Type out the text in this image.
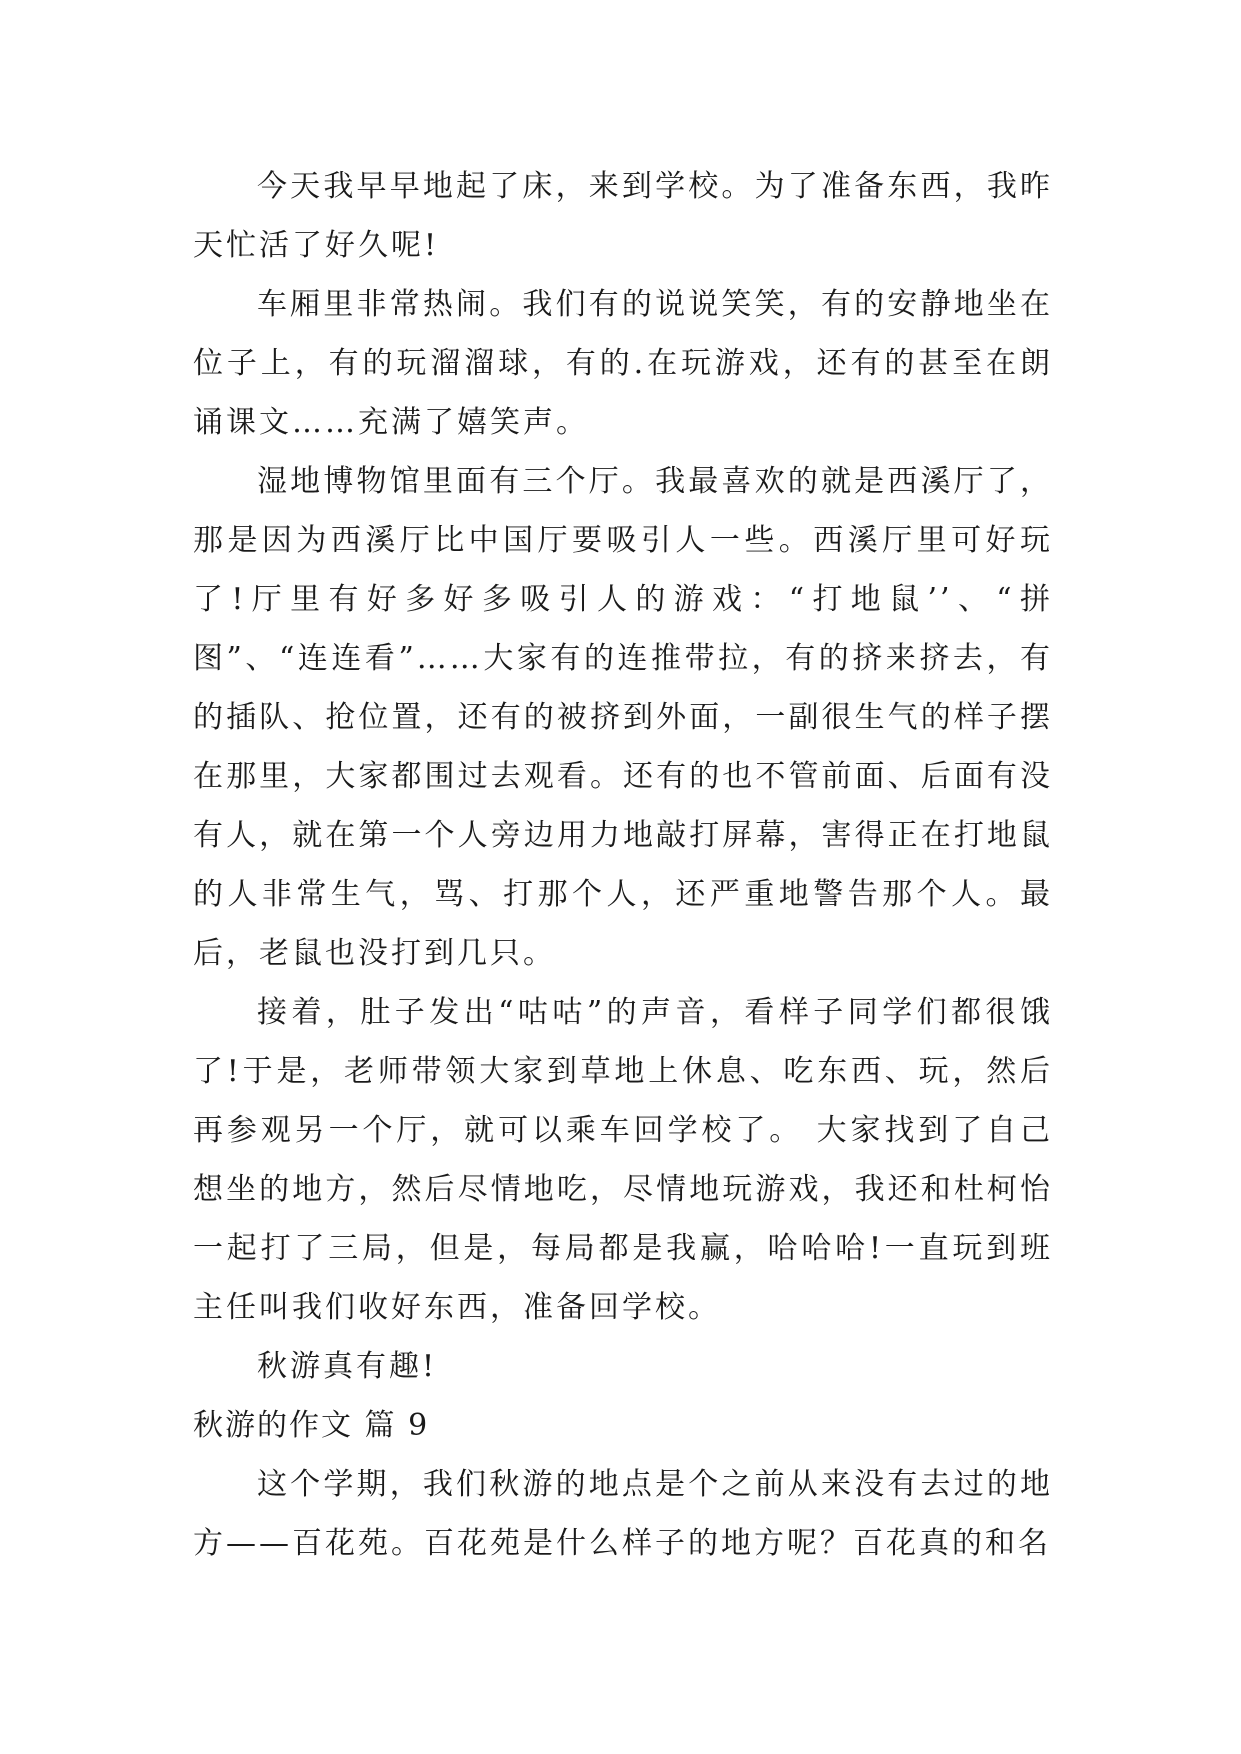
今天我早早地起了床，来到学校。为了准备东西，我昨天忙活了好久呢!

车厢里非常热闹。我们有的说说笑笑，有的安静地坐在位子上，有的玩溜溜球，有的.在玩游戏，还有的甚至在朗诵课文……充满了嬉笑声。

湿地博物馆里面有三个厅。我最喜欢的就是西溪厅了，那是因为西溪厅比中国厅要吸引人一些。西溪厅里可好玩了!厅里有好多好多吸引人的游戏：“打地鼠’’、“拼图”、“连连看”……大家有的连推带拉，有的挤来挤去，有的插队、抢位置，还有的被挤到外面，一副很生气的样子摆在那里，大家都围过去观看。还有的也不管前面、后面有没有人，就在第一个人旁边用力地敲打屏幕，害得正在打地鼠的人非常生气，骂、打那个人，还严重地警告那个人。最后，老鼠也没打到几只。

接着，肚子发出“咕咕”的声音，看样子同学们都很饿了!于是，老师带领大家到草地上休息、吃东西、玩，然后再参观另一个厅，就可以乘车回学校了。 大家找到了自己想坐的地方，然后尽情地吃，尽情地玩游戏，我还和杜柯怡一起打了三局，但是，每局都是我赢，哈哈哈!一直玩到班主任叫我们收好东西，准备回学校。

秋游真有趣!

秋游的作文 篇 9

这个学期，我们秋游的地点是个之前从来没有去过的地方——百花苑。百花苑是什么样子的地方呢？百花真的和名
